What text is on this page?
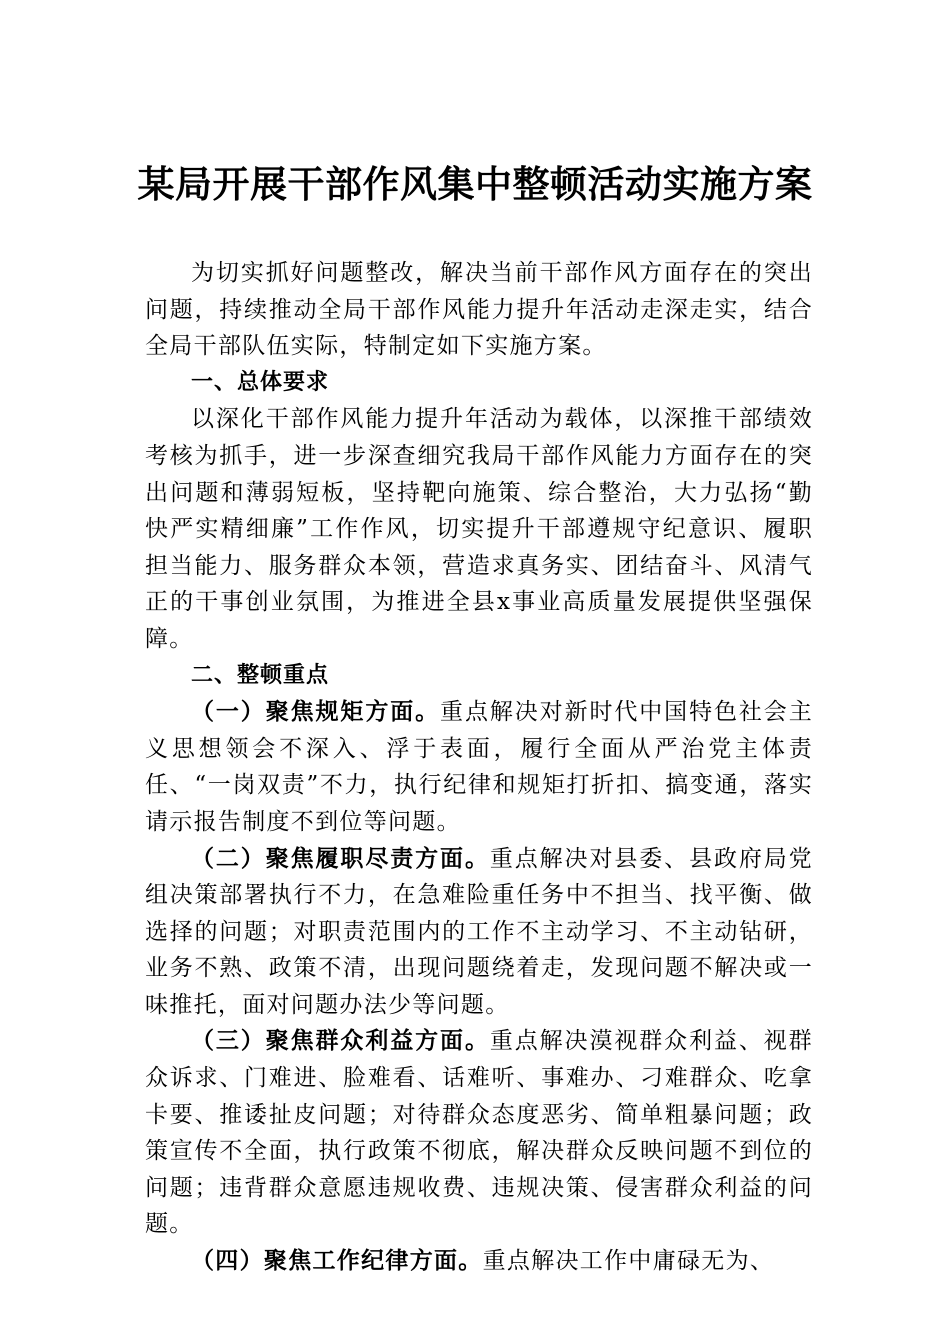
某局开展干部作风集中整顿活动实施方案

为切实抓好问题整改，解决当前干部作风方面存在的突出问题，持续推动全局干部作风能力提升年活动走深走实，结合全局干部队伍实际，特制定如下实施方案。

一、总体要求

以深化干部作风能力提升年活动为载体，以深推干部绩效考核为抓手，进一步深查细究我局干部作风能力方面存在的突出问题和薄弱短板，坚持靶向施策、综合整治，大力弘扬“勤快严实精细廉”工作作风，切实提升干部遵规守纪意识、履职担当能力、服务群众本领，营造求真务实、团结奋斗、风清气正的干事创业氛围，为推进全县x事业高质量发展提供坚强保障。

二、整顿重点

（一）聚焦规矩方面。重点解决对新时代中国特色社会主义思想领会不深入、浮于表面，履行全面从严治党主体责任、“一岗双责”不力，执行纪律和规矩打折扣、搞变通，落实请示报告制度不到位等问题。

（二）聚焦履职尽责方面。重点解决对县委、县政府局党组决策部署执行不力，在急难险重任务中不担当、找平衡、做选择的问题；对职责范围内的工作不主动学习、不主动钻研，业务不熟、政策不清，出现问题绕着走，发现问题不解决或一味推托，面对问题办法少等问题。

（三）聚焦群众利益方面。重点解决漠视群众利益、视群众诉求、门难进、脸难看、话难听、事难办、刁难群众、吃拿卡要、推诿扯皮问题；对待群众态度恶劣、简单粗暴问题；政策宣传不全面，执行政策不彻底，解决群众反映问题不到位的问题；违背群众意愿违规收费、违规决策、侵害群众利益的问题。

（四）聚焦工作纪律方面。重点解决工作中庸碌无为、
